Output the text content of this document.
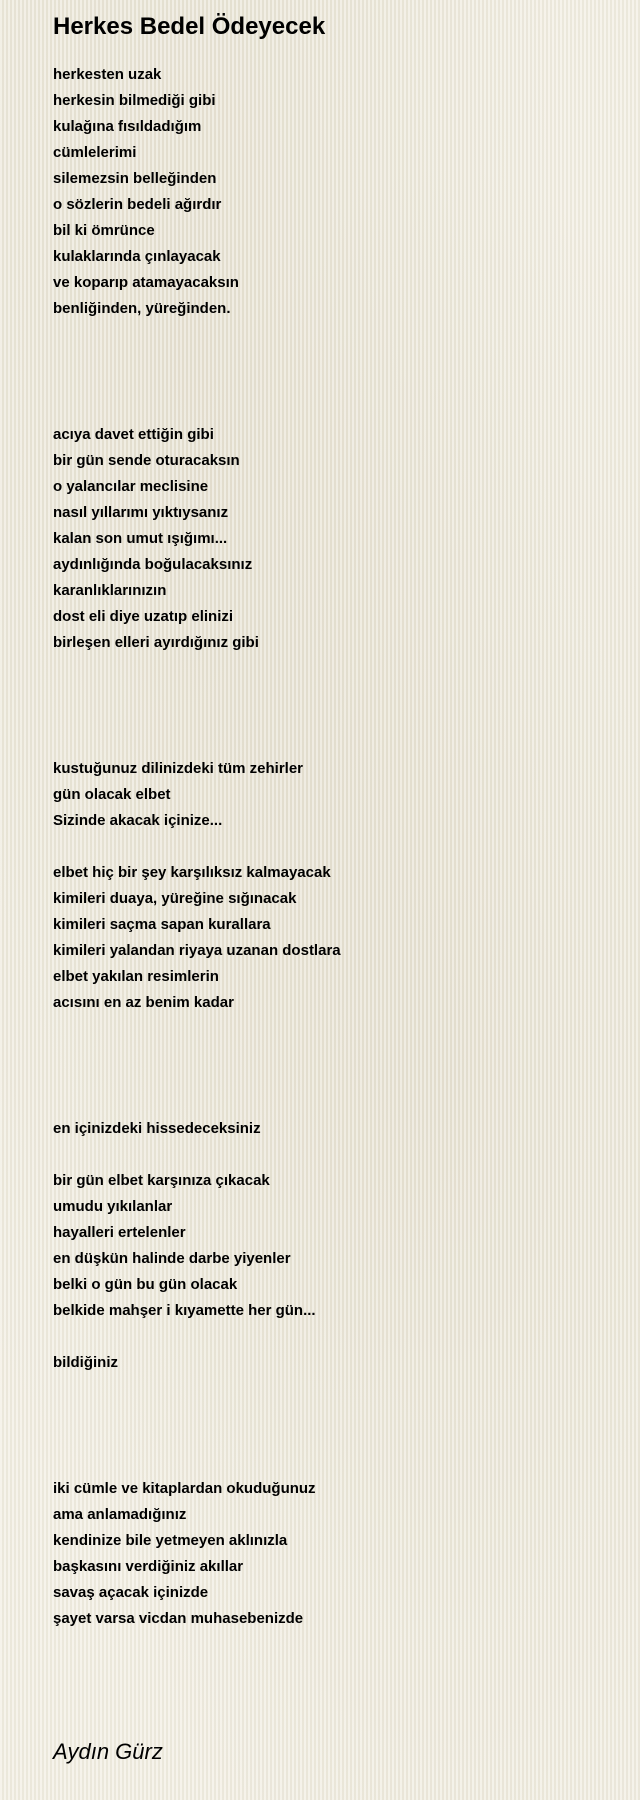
Herkes Bedel Ödeyecek
herkesten uzak
herkesin bilmediği gibi
kulağına fısıldadığım
cümlelerimi
silemezsin belleğinden
o sözlerin bedeli ağırdır
bil ki ömrünce
kulaklarında çınlayacak
ve koparıp atamayacaksın
benliğinden, yüreğinden.
acıya davet ettiğin gibi
bir gün sende oturacaksın
o yalancılar meclisine
nasıl yıllarımı yıktıysanız
kalan son umut ışığımı...
aydınlığında boğulacaksınız
karanlıklarınızın
dost eli diye uzatıp elinizi
birleşen elleri ayırdığınız gibi
kustuğunuz dilinizdeki tüm zehirler
gün olacak elbet
Sizinde akacak içinize...
elbet hiç bir şey karşılıksız kalmayacak
kimileri duaya, yüreğine sığınacak
kimileri saçma sapan kurallara
kimileri yalandan riyaya uzanan dostlara
elbet yakılan resimlerin
acısını en az benim kadar
en içinizdeki hissedeceksiniz
bir gün elbet karşınıza çıkacak
umudu yıkılanlar
hayalleri ertelenler
en düşkün halinde darbe yiyenler
belki o gün bu gün olacak
belkide mahşer i kıyamette her gün...
bildiğiniz
iki cümle ve kitaplardan okuduğunuz
ama anlamadığınız
kendinize bile yetmeyen aklınızla
başkasını verdiğiniz akıllar
savaş açacak içinizde
şayet varsa vicdan muhasebenizde
Aydın Gürz
